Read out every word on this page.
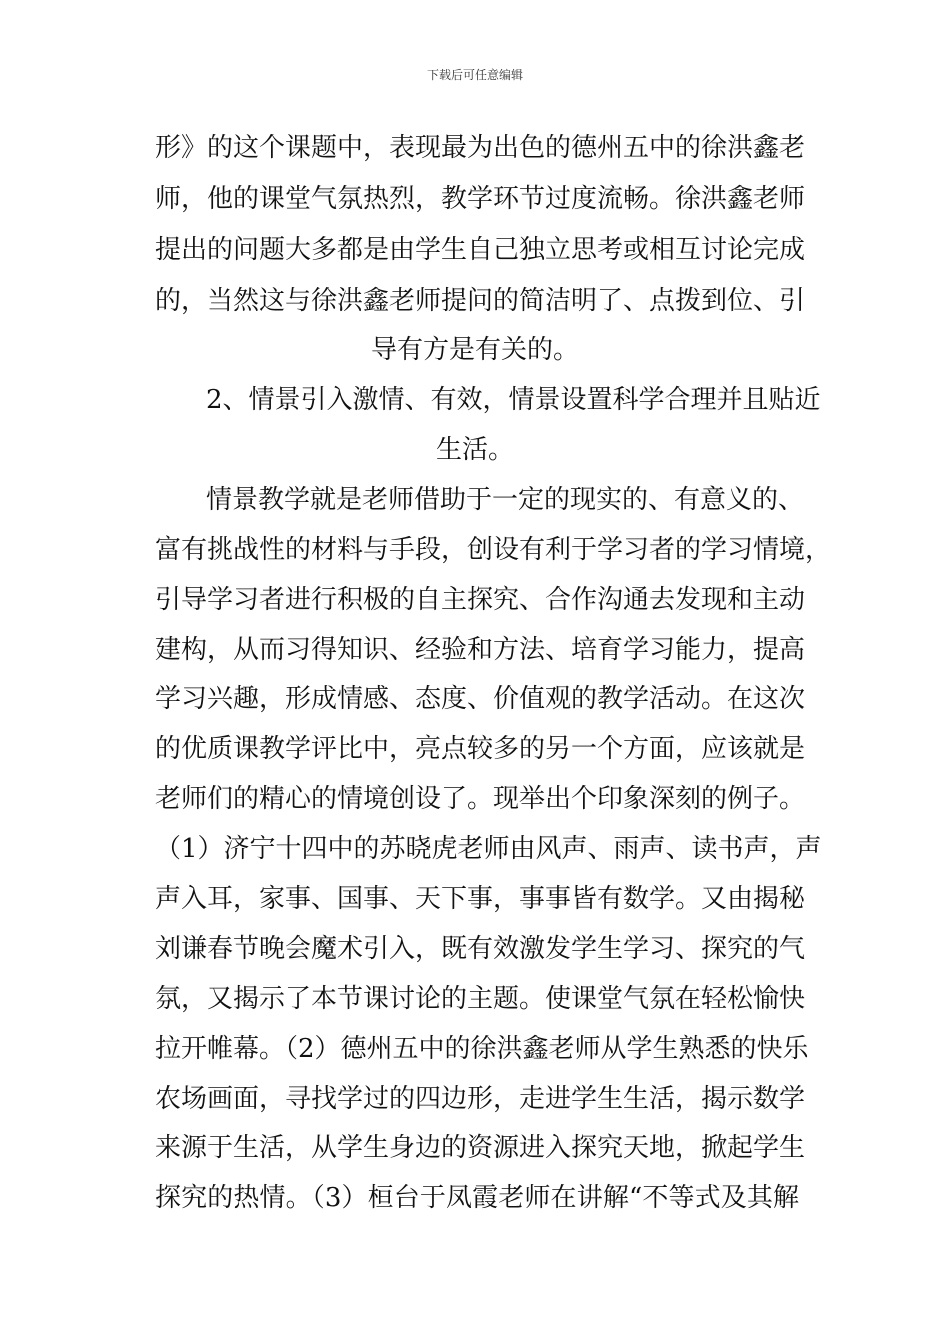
下载后可任意编辑
形》的这个课题中，表现最为出色的德州五中的徐洪鑫老
师，他的课堂气氛热烈，教学环节过度流畅。徐洪鑫老师
提出的问题大多都是由学生自己独立思考或相互讨论完成
的，当然这与徐洪鑫老师提问的简洁明了、点拨到位、引
导有方是有关的。
2、情景引入激情、有效，情景设置科学合理并且贴近
生活。
情景教学就是老师借助于一定的现实的、有意义的、
富有挑战性的材料与手段，创设有利于学习者的学习情境，
引导学习者进行积极的自主探究、合作沟通去发现和主动
建构，从而习得知识、经验和方法、培育学习能力，提高
学习兴趣，形成情感、态度、价值观的教学活动。在这次
的优质课教学评比中，亮点较多的另一个方面，应该就是
老师们的精心的情境创设了。现举出个印象深刻的例子。
（1）济宁十四中的苏晓虎老师由风声、雨声、读书声，声
声入耳，家事、国事、天下事，事事皆有数学。又由揭秘
刘谦春节晚会魔术引入，既有效激发学生学习、探究的气
氛，又揭示了本节课讨论的主题。使课堂气氛在轻松愉快
拉开帷幕。（2）德州五中的徐洪鑫老师从学生熟悉的快乐
农场画面，寻找学过的四边形，走进学生生活，揭示数学
来源于生活，从学生身边的资源进入探究天地，掀起学生
探究的热情。（3）桓台于凤霞老师在讲解“不等式及其解
